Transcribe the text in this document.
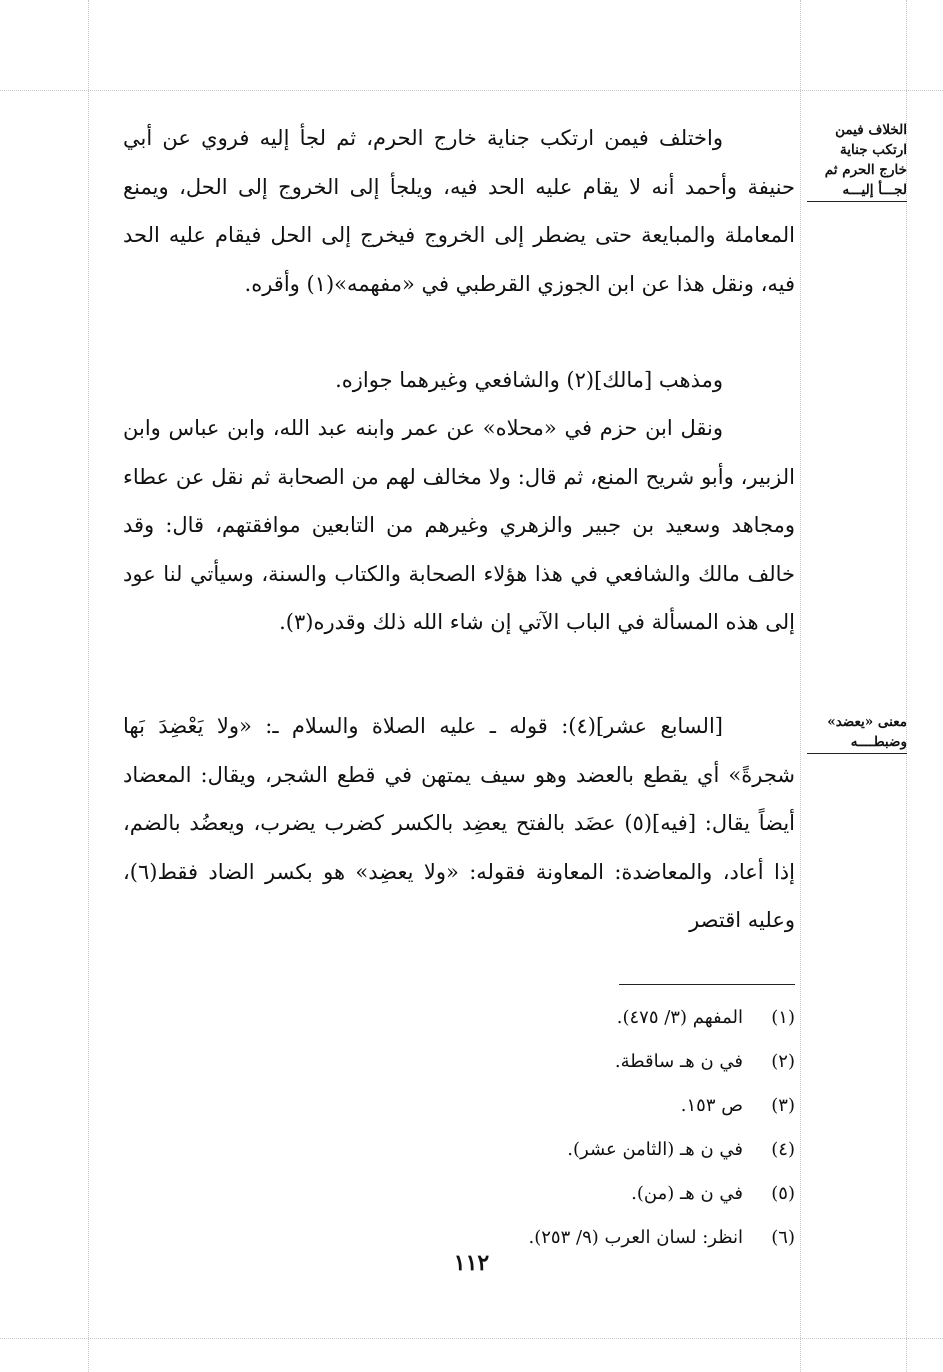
الخلاف فيمن
ارتكب جناية
خارج الحرم ثم
لجـــأ إليـــه
معنى «يعضد»
وضبطــــه

واختلف فيمن ارتكب جناية خارج الحرم، ثم لجأ إليه فروي عن أبي حنيفة وأحمد أنه لا يقام عليه الحد فيه، ويلجأ إلى الخروج إلى الحل، ويمنع المعاملة والمبايعة حتى يضطر إلى الخروج فيخرج إلى الحل فيقام عليه الحد فيه، ونقل هذا عن ابن الجوزي القرطبي في «مفهمه»(١) وأقره.

ومذهب [مالك](٢) والشافعي وغيرهما جوازه.

ونقل ابن حزم في «محلاه» عن عمر وابنه عبد الله، وابن عباس وابن الزبير، وأبو شريح المنع، ثم قال: ولا مخالف لهم من الصحابة ثم نقل عن عطاء ومجاهد وسعيد بن جبير والزهري وغيرهم من التابعين موافقتهم، قال: وقد خالف مالك والشافعي في هذا هؤلاء الصحابة والكتاب والسنة، وسيأتي لنا عود إلى هذه المسألة في الباب الآتي إن شاء الله ذلك وقدره(٣).

[السابع عشر](٤): قوله ـ عليه الصلاة والسلام ـ: «ولا يَعْضِدَ بَها شجرةً» أي يقطع بالعضد وهو سيف يمتهن في قطع الشجر، ويقال: المعضاد أيضاً يقال: [فيه](٥) عضَد بالفتح يعضِد بالكسر كضرب يضرب، ويعضُد بالضم، إذا أعاد، والمعاضدة: المعاونة فقوله: «ولا يعضِد» هو بكسر الضاد فقط(٦)، وعليه اقتصر

(١)المفهم (٣/ ٤٧٥).
(٢)في ن هـ ساقطة.
(٣)ص ١٥٣.
(٤)في ن هـ (الثامن عشر).
(٥)في ن هـ (من).
(٦)انظر: لسان العرب (٩/ ٢٥٣).
١١٢
